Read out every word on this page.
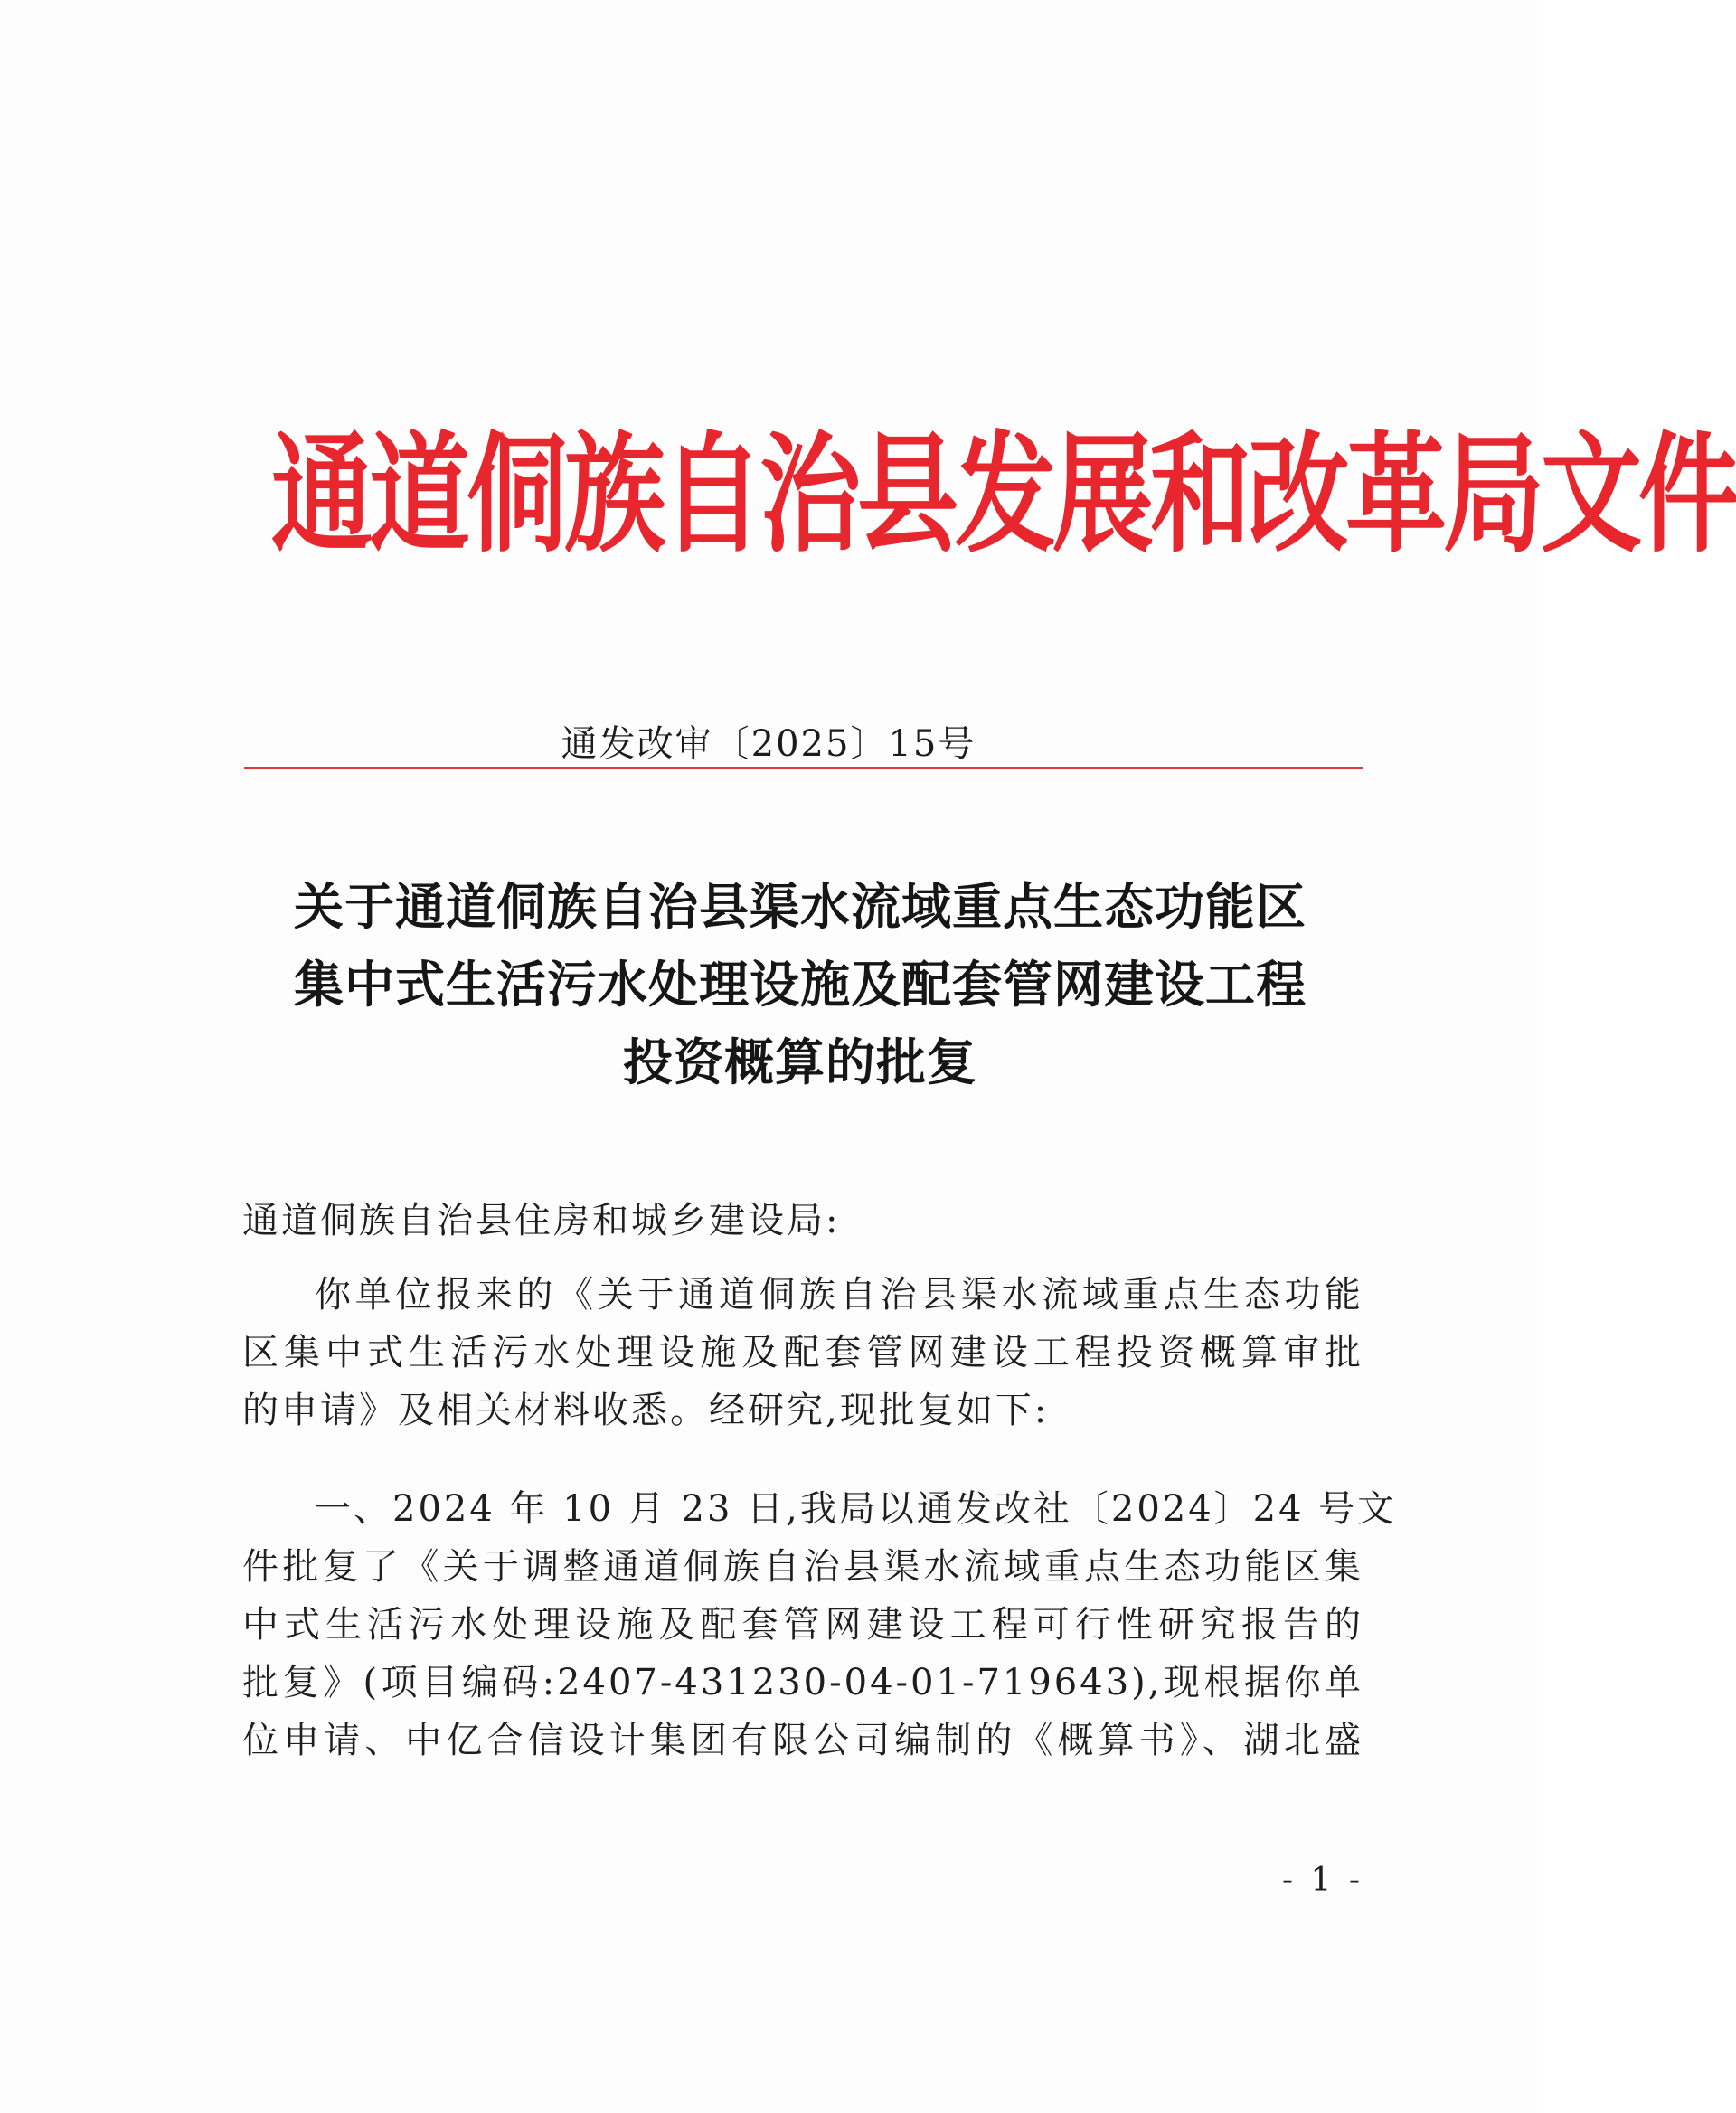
通道侗族自治县发展和改革局文件
通发改审〔2025〕15号
关于通道侗族自治县渠水流域重点生态功能区
集中式生活污水处理设施及配套管网建设工程
投资概算的批复
通道侗族自治县住房和城乡建设局:
你单位报来的《关于通道侗族自治县渠水流域重点生态功能
区集中式生活污水处理设施及配套管网建设工程投资概算审批
的申请》及相关材料收悉。经研究,现批复如下:
一、2024 年 10 月 23 日,我局以通发改社〔2024〕24 号文
件批复了《关于调整通道侗族自治县渠水流域重点生态功能区集
中式生活污水处理设施及配套管网建设工程可行性研究报告的
批复》(项目编码:2407-431230-04-01-719643),现根据你单
位申请、中亿合信设计集团有限公司编制的《概算书》、湖北盛
- 1 -
